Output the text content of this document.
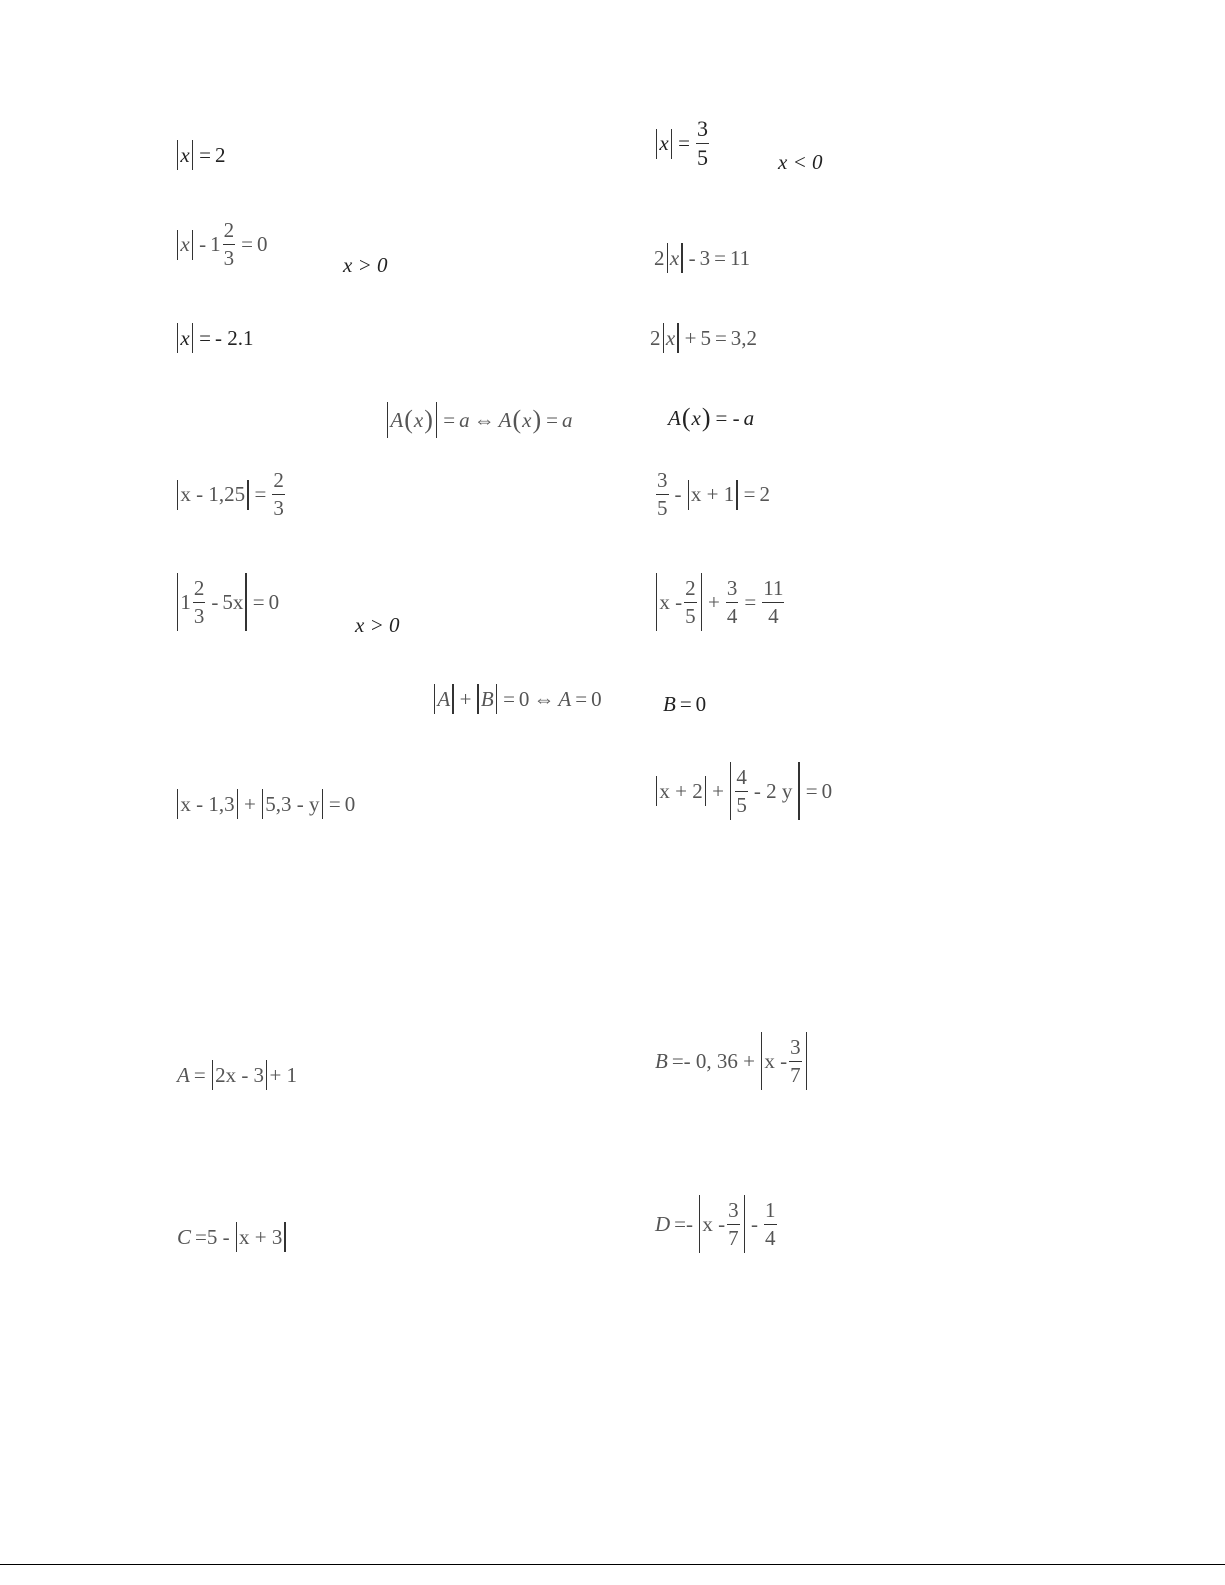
x = 2	$x = \frac{3}{5}$	x < 0
$x - 1 \frac{2}{3} = 0$
x > 0	2 x - 3 = 11
x = - 2.1	2 x + 5 = 3,2
A ( x ) = a ⇔ A ( x ) = a	A ( x ) = - a
$x - 1,25 = \frac{2}{3}$	$\frac{3}{5} - x + 1 = 2$
$1 \frac{2}{3} - 5x = 0$
x > 0
$x - \frac{2}{5} + \frac{3}{4} = \frac{11}{4}$
A + B = 0 ⇔ A = 0	B = 0
x - 1,3 + 5,3 - y = 0
$x + 2 + \frac{4}{5} - 2$ y = 0
A = 2x - 3 + 1
B =- 0, $36 + x - \frac{3}{7}$
C =5 - x + 3
$D =- x - \frac{3}{7} - \frac{1}{4}$
